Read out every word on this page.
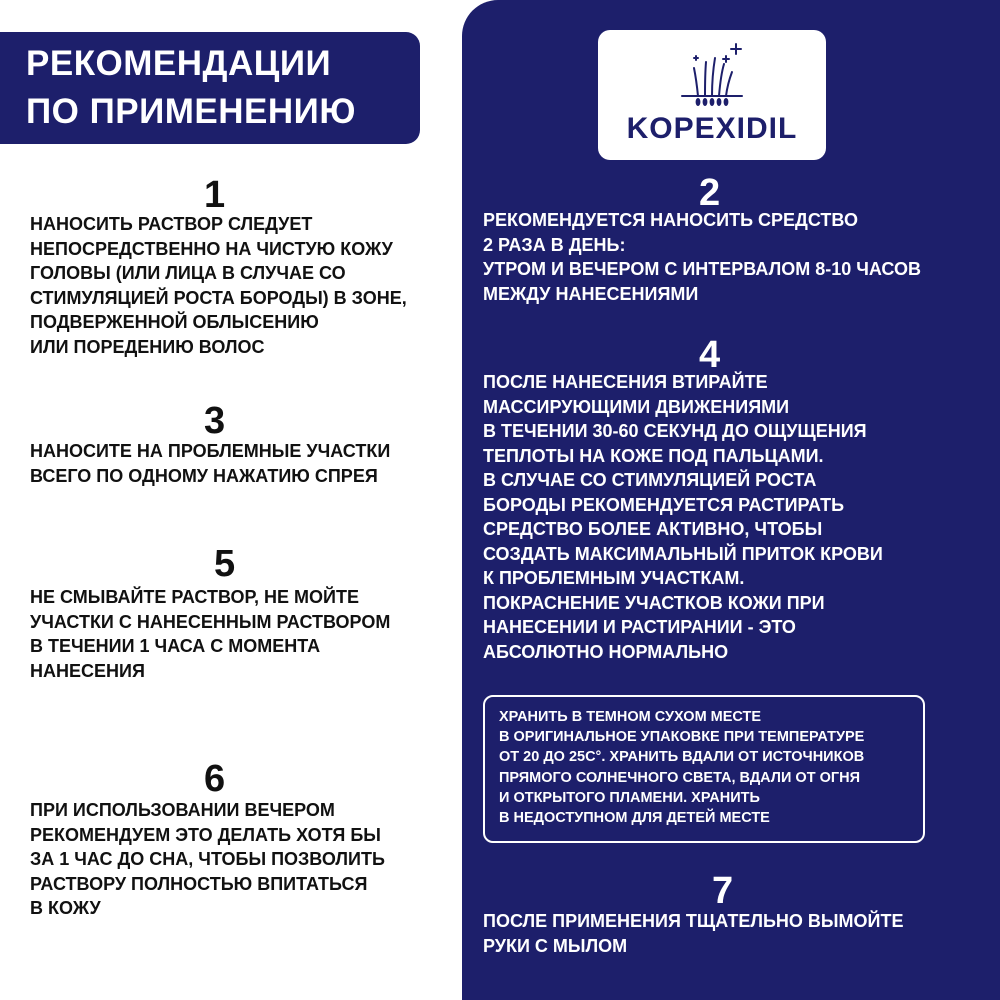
РЕКОМЕНДАЦИИ
ПО ПРИМЕНЕНИЮ	KOPEXIDIL
1
НАНОСИТЬ РАСТВОР СЛЕДУЕТ
НЕПОСРЕДСТВЕННО НА ЧИСТУЮ КОЖУ
ГОЛОВЫ (ИЛИ ЛИЦА В СЛУЧАЕ СО
СТИМУЛЯЦИЕЙ РОСТА БОРОДЫ) В ЗОНЕ,
ПОДВЕРЖЕННОЙ ОБЛЫСЕНИЮ
ИЛИ ПОРЕДЕНИЮ ВОЛОС
3
НАНОСИТЕ НА ПРОБЛЕМНЫЕ УЧАСТКИ
ВСЕГО ПО ОДНОМУ НАЖАТИЮ СПРЕЯ
5
НЕ СМЫВАЙТЕ РАСТВОР, НЕ МОЙТЕ
УЧАСТКИ С НАНЕСЕННЫМ РАСТВОРОМ
В ТЕЧЕНИИ 1 ЧАСА С МОМЕНТА
НАНЕСЕНИЯ
6
ПРИ ИСПОЛЬЗОВАНИИ ВЕЧЕРОМ
РЕКОМЕНДУЕМ ЭТО ДЕЛАТЬ ХОТЯ БЫ
ЗА 1 ЧАС ДО СНА, ЧТОБЫ ПОЗВОЛИТЬ
РАСТВОРУ ПОЛНОСТЬЮ ВПИТАТЬСЯ
В КОЖУ
2
РЕКОМЕНДУЕТСЯ НАНОСИТЬ СРЕДСТВО
2 РАЗА В ДЕНЬ:
УТРОМ И ВЕЧЕРОМ С ИНТЕРВАЛОМ 8-10 ЧАСОВ
МЕЖДУ НАНЕСЕНИЯМИ
4
ПОСЛЕ НАНЕСЕНИЯ ВТИРАЙТЕ
МАССИРУЮЩИМИ ДВИЖЕНИЯМИ
В ТЕЧЕНИИ 30-60 СЕКУНД ДО ОЩУЩЕНИЯ
ТЕПЛОТЫ НА КОЖЕ ПОД ПАЛЬЦАМИ.
В СЛУЧАЕ СО СТИМУЛЯЦИЕЙ РОСТА
БОРОДЫ РЕКОМЕНДУЕТСЯ РАСТИРАТЬ
СРЕДСТВО БОЛЕЕ АКТИВНО, ЧТОБЫ
СОЗДАТЬ МАКСИМАЛЬНЫЙ ПРИТОК КРОВИ
К ПРОБЛЕМНЫМ УЧАСТКАМ.
ПОКРАСНЕНИЕ УЧАСТКОВ КОЖИ ПРИ
НАНЕСЕНИИ И РАСТИРАНИИ - ЭТО
АБСОЛЮТНО НОРМАЛЬНО
ХРАНИТЬ В ТЕМНОМ СУХОМ МЕСТЕ
В ОРИГИНАЛЬНОЕ УПАКОВКЕ ПРИ ТЕМПЕРАТУРЕ
ОТ 20 ДО 25С°. ХРАНИТЬ ВДАЛИ ОТ ИСТОЧНИКОВ
ПРЯМОГО СОЛНЕЧНОГО СВЕТА, ВДАЛИ ОТ ОГНЯ
И ОТКРЫТОГО ПЛАМЕНИ. ХРАНИТЬ
В НЕДОСТУПНОМ ДЛЯ ДЕТЕЙ МЕСТЕ
7
ПОСЛЕ ПРИМЕНЕНИЯ ТЩАТЕЛЬНО ВЫМОЙТЕ
РУКИ С МЫЛОМ
